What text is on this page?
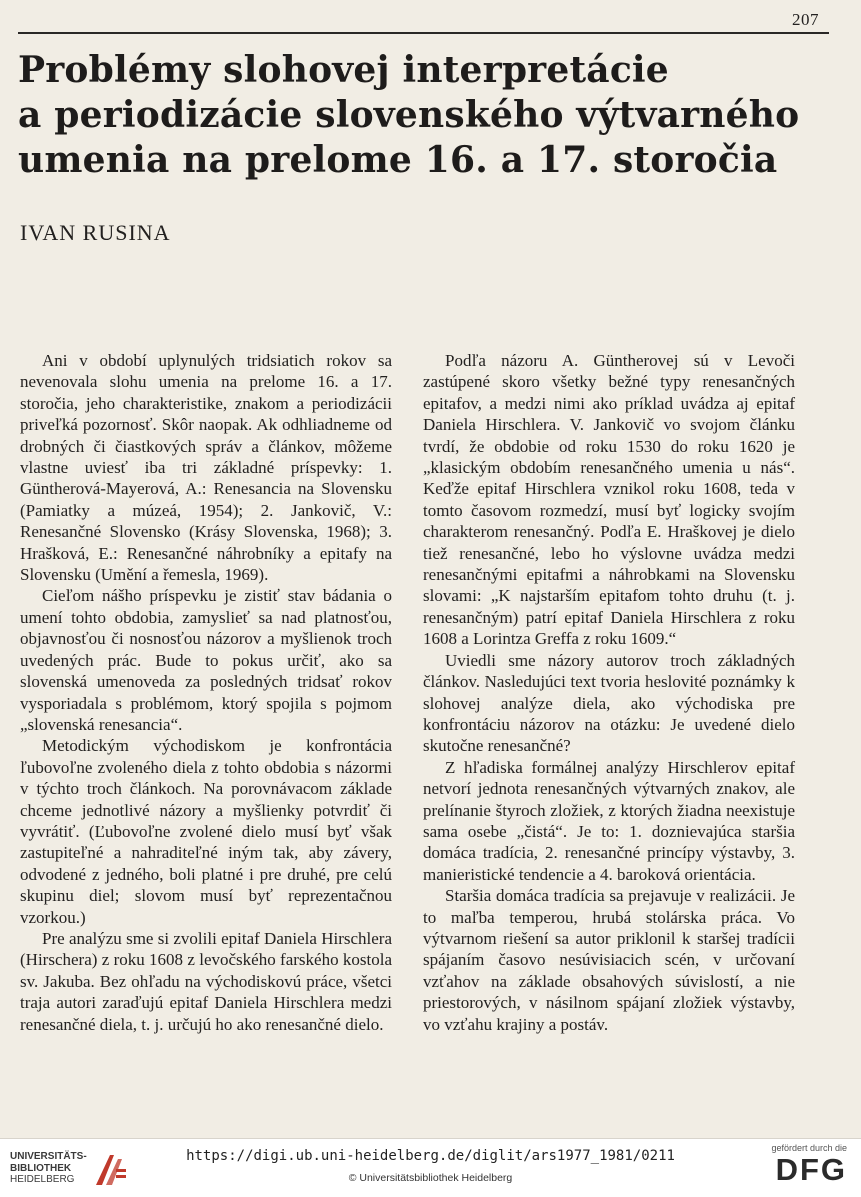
207
Problémy slohovej interpretácie
a periodizácie slovenského výtvarného
umenia na prelome 16. a 17. storočia
IVAN RUSINA

Ani v období uplynulých tridsiatich rokov sa nevenovala slohu umenia na prelome 16. a 17. storočia, jeho charakteristike, znakom a periodizácii priveľká pozornosť. Skôr naopak. Ak odhliadneme od drobných či čiastkových správ a článkov, môžeme vlastne uviesť iba tri základné príspevky: 1. Güntherová-Mayerová, A.: Renesancia na Slovensku (Pamiatky a múzeá, 1954); 2. Jankovič, V.: Renesančné Slovensko (Krásy Slovenska, 1968); 3. Hrašková, E.: Renesančné náhrobníky a epitafy na Slovensku (Umění a řemesla, 1969).

Cieľom nášho príspevku je zistiť stav bádania o umení tohto obdobia, zamyslieť sa nad platnosťou, objavnosťou či nosnosťou názorov a myšlienok troch uvedených prác. Bude to pokus určiť, ako sa slovenská umenoveda za posledných tridsať rokov vysporiadala s problémom, ktorý spojila s pojmom „slovenská renesancia“.

Metodickým východiskom je konfrontácia ľubovoľne zvoleného diela z tohto obdobia s názormi v týchto troch článkoch. Na porovnávacom základe chceme jednotlivé názory a myšlienky potvrdiť či vyvrátiť. (Ľubovoľne zvolené dielo musí byť však zastupiteľné a nahraditeľné iným tak, aby závery, odvodené z jedného, boli platné i pre druhé, pre celú skupinu diel; slovom musí byť reprezentačnou vzorkou.)

Pre analýzu sme si zvolili epitaf Daniela Hirschlera (Hirschera) z roku 1608 z levočského farského kostola sv. Jakuba. Bez ohľadu na východiskovú práce, všetci traja autori zaraďujú epitaf Daniela Hirschlera medzi renesančné diela, t. j. určujú ho ako renesančné dielo.

Podľa názoru A. Güntherovej sú v Levoči zastúpené skoro všetky bežné typy renesančných epitafov, a medzi nimi ako príklad uvádza aj epitaf Daniela Hirschlera. V. Jankovič vo svojom článku tvrdí, že obdobie od roku 1530 do roku 1620 je „klasickým obdobím renesančného umenia u nás“. Keďže epitaf Hirschlera vznikol roku 1608, teda v tomto časovom rozmedzí, musí byť logicky svojím charakterom renesančný. Podľa E. Hraškovej je dielo tiež renesančné, lebo ho výslovne uvádza medzi renesančnými epitafmi a náhrobkami na Slovensku slovami: „K najstarším epitafom tohto druhu (t. j. renesančným) patrí epitaf Daniela Hirschlera z roku 1608 a Lorintza Greffa z roku 1609.“

Uviedli sme názory autorov troch základných článkov. Nasledujúci text tvoria heslovité poznámky k slohovej analýze diela, ako východiska pre konfrontáciu názorov na otázku: Je uvedené dielo skutočne renesančné?

Z hľadiska formálnej analýzy Hirschlerov epitaf netvorí jednota renesančných výtvarných znakov, ale prelínanie štyroch zložiek, z ktorých žiadna neexistuje sama osebe „čistá“. Je to: 1. doznievajúca staršia domáca tradícia, 2. renesančné princípy výstavby, 3. manieristické tendencie a 4. baroková orientácia.

Staršia domáca tradícia sa prejavuje v realizácii. Je to maľba temperou, hrubá stolárska práca. Vo výtvarnom riešení sa autor priklonil k staršej tradícii spájaním časovo nesúvisiacich scén, v určovaní vzťahov na základe obsahových súvislostí, a nie priestorových, v násilnom spájaní zložiek výstavby, vo vzťahu krajiny a postáv.

UNIVERSITÄTS-
BIBLIOTHEK
HEIDELBERG
https://digi.ub.uni-heidelberg.de/diglit/ars1977_1981/0211
© Universitätsbibliothek Heidelberg
gefördert durch die
DFG
